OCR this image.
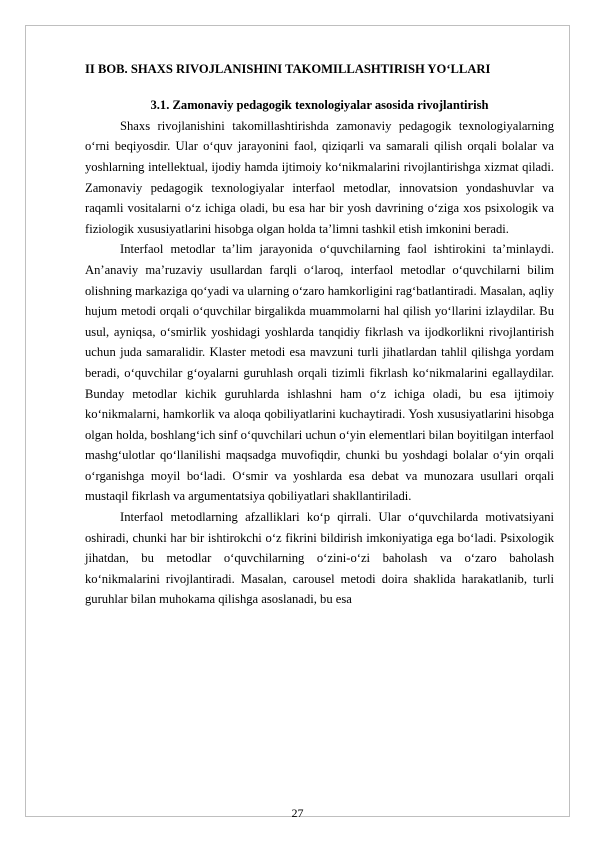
II BOB. SHAXS RIVOJLANISHINI TAKOMILLASHTIRISH YO‘LLARI
3.1. Zamonaviy pedagogik texnologiyalar asosida rivojlantirish

Shaxs rivojlanishini takomillashtirishda zamonaviy pedagogik texnologiyalarning o‘rni beqiyosdir. Ular o‘quv jarayonini faol, qiziqarli va samarali qilish orqali bolalar va yoshlarning intellektual, ijodiy hamda ijtimoiy ko‘nikmalarini rivojlantirishga xizmat qiladi. Zamonaviy pedagogik texnologiyalar interfaol metodlar, innovatsion yondashuvlar va raqamli vositalarni o‘z ichiga oladi, bu esa har bir yosh davrining o‘ziga xos psixologik va fiziologik xususiyatlarini hisobga olgan holda ta’limni tashkil etish imkonini beradi.

Interfaol metodlar ta’lim jarayonida o‘quvchilarning faol ishtirokini ta’minlaydi. An’anaviy ma’ruzaviy usullardan farqli o‘laroq, interfaol metodlar o‘quvchilarni bilim olishning markaziga qo‘yadi va ularning o‘zaro hamkorligini rag‘batlantiradi. Masalan, aqliy hujum metodi orqali o‘quvchilar birgalikda muammolarni hal qilish yo‘llarini izlaydilar. Bu usul, ayniqsa, o‘smirlik yoshidagi yoshlarda tanqidiy fikrlash va ijodkorlikni rivojlantirish uchun juda samaralidir. Klaster metodi esa mavzuni turli jihatlardan tahlil qilishga yordam beradi, o‘quvchilar g‘oyalarni guruhlash orqali tizimli fikrlash ko‘nikmalarini egallaydilar. Bunday metodlar kichik guruhlarda ishlashni ham o‘z ichiga oladi, bu esa ijtimoiy ko‘nikmalarni, hamkorlik va aloqa qobiliyatlarini kuchaytiradi. Yosh xususiyatlarini hisobga olgan holda, boshlang‘ich sinf o‘quvchilari uchun o‘yin elementlari bilan boyitilgan interfaol mashg‘ulotlar qo‘llanilishi maqsadga muvofiqdir, chunki bu yoshdagi bolalar o‘yin orqali o‘rganishga moyil bo‘ladi. O‘smir va yoshlarda esa debat va munozara usullari orqali mustaqil fikrlash va argumentatsiya qobiliyatlari shakllantiriladi.

Interfaol metodlarning afzalliklari ko‘p qirrali. Ular o‘quvchilarda motivatsiyani oshiradi, chunki har bir ishtirokchi o‘z fikrini bildirish imkoniyatiga ega bo‘ladi. Psixologik jihatdan, bu metodlar o‘quvchilarning o‘zini-o‘zi baholash va o‘zaro baholash ko‘nikmalarini rivojlantiradi. Masalan, carousel metodi doira shaklida harakatlanib, turli guruhlar bilan muhokama qilishga asoslanadi, bu esa

27
